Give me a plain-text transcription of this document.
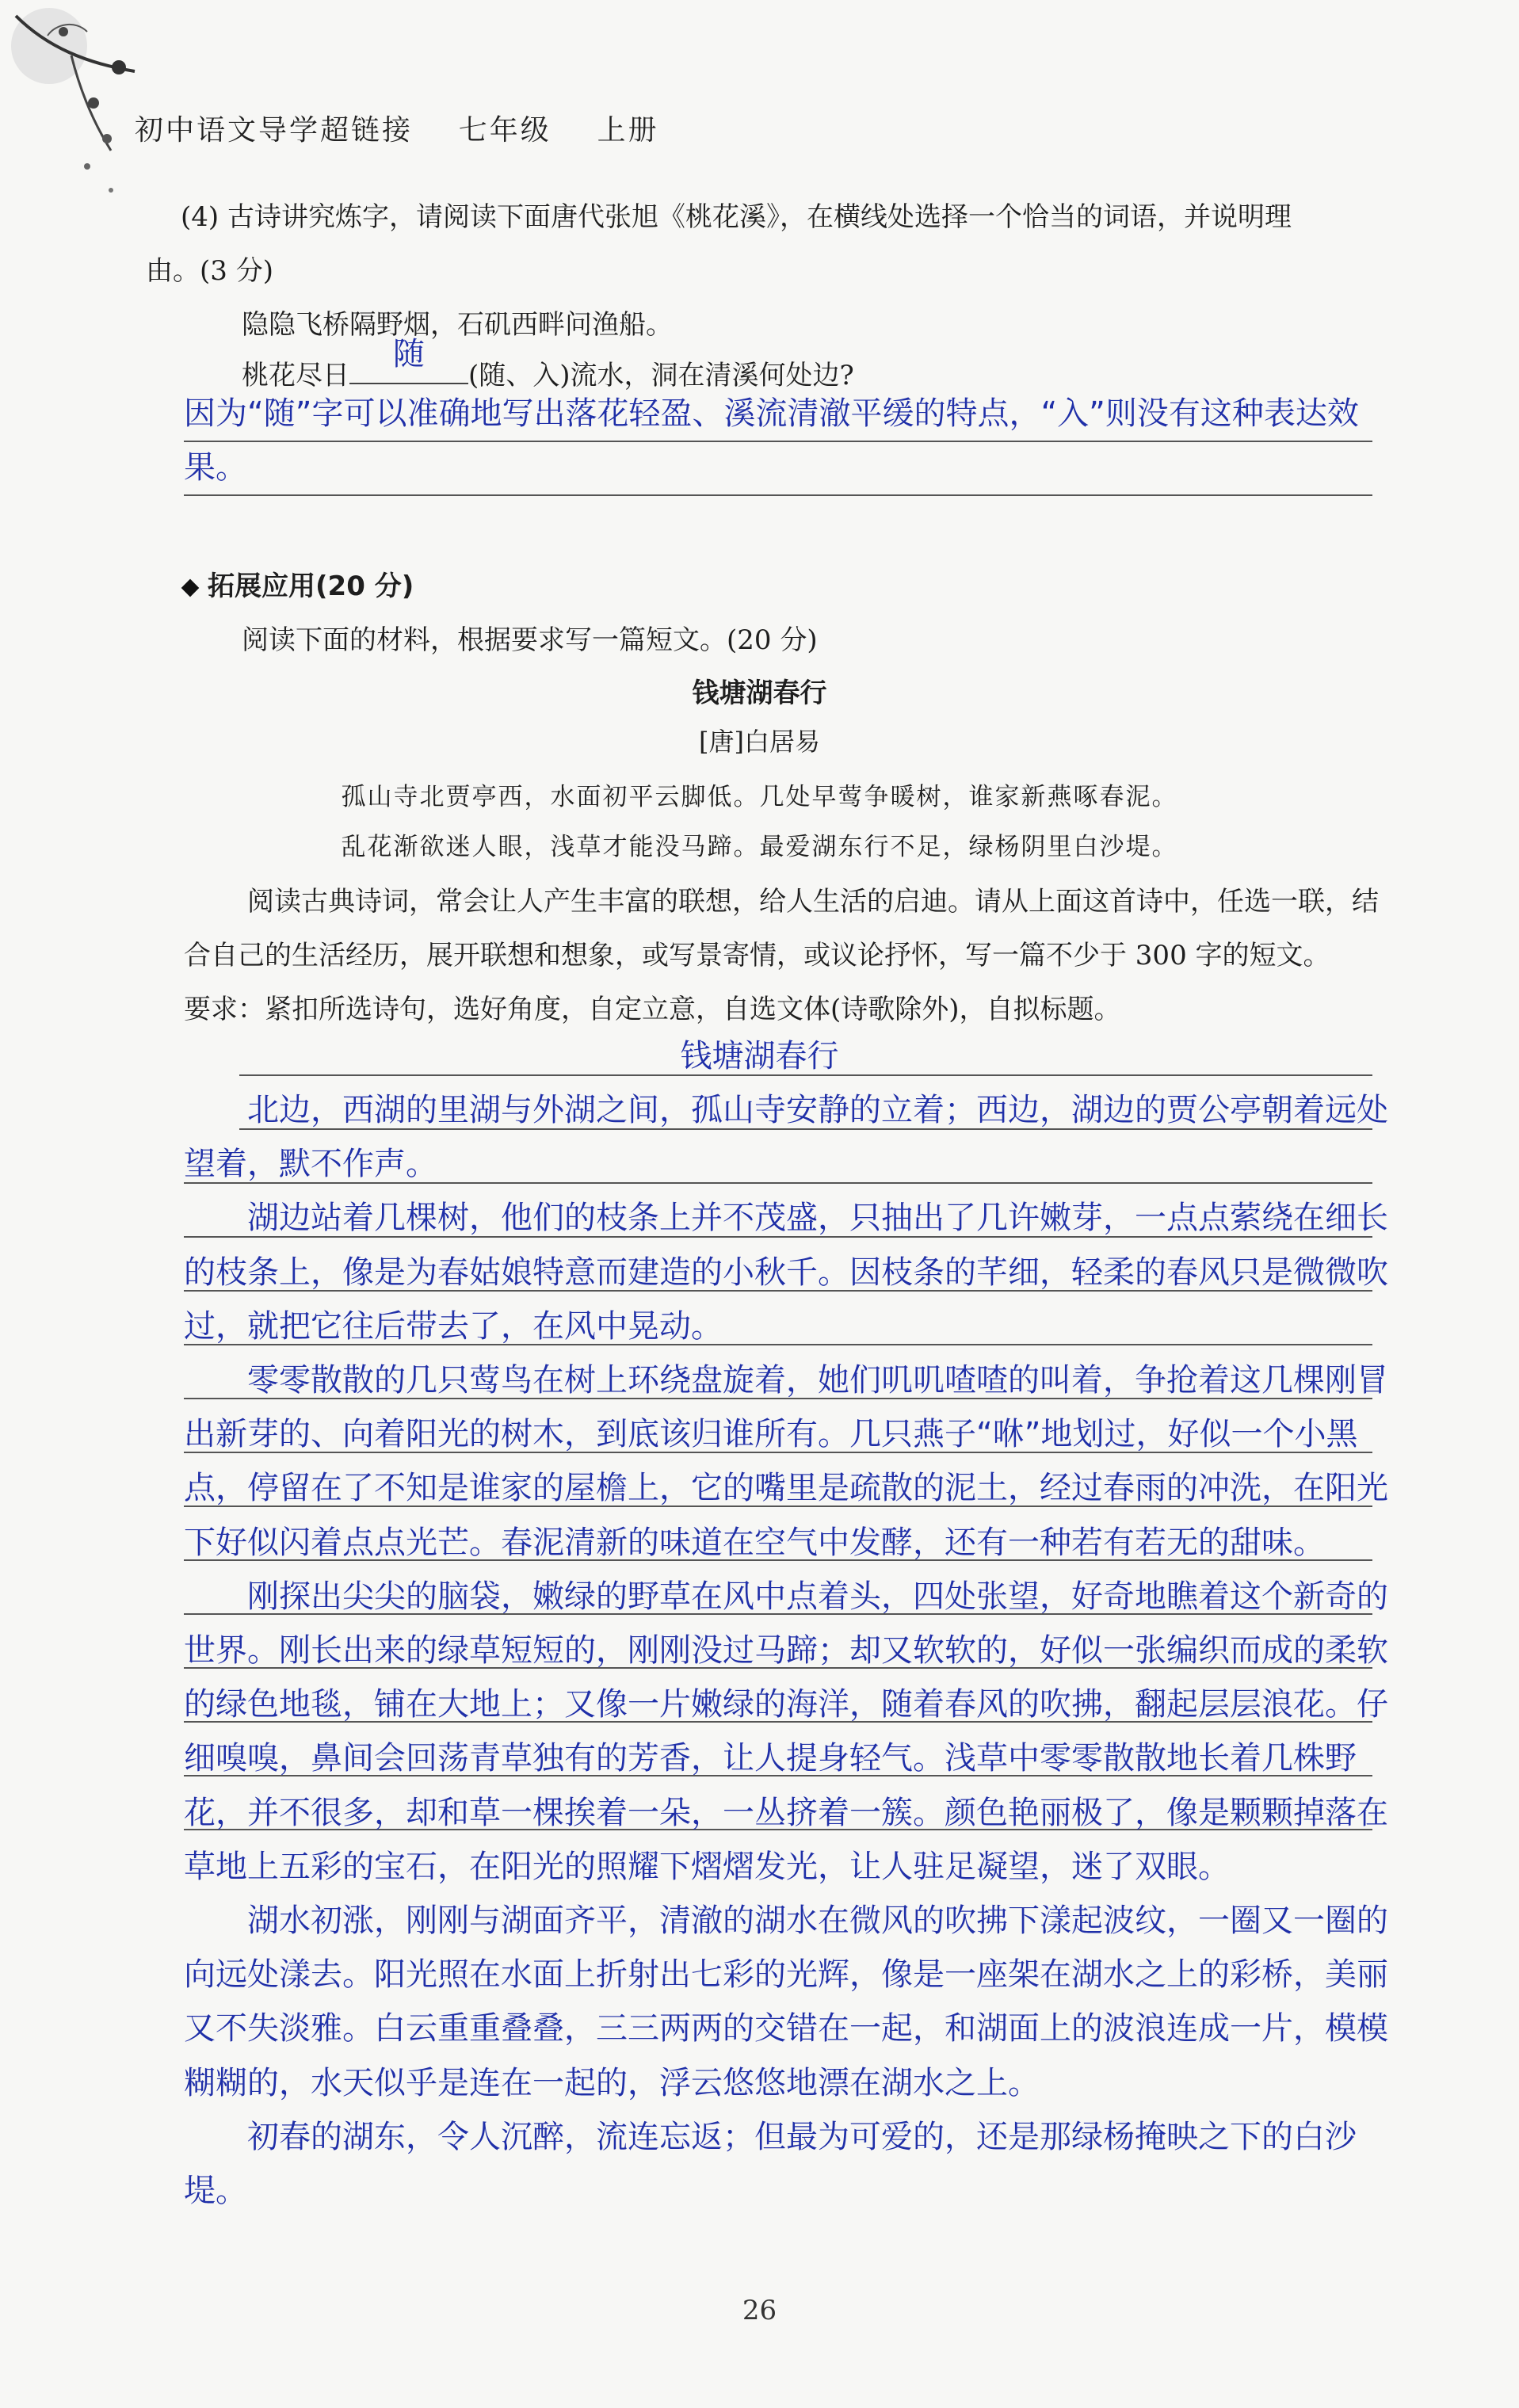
初中语文导学超链接 七年级 上册
(4) 古诗讲究炼字，请阅读下面唐代张旭《桃花溪》，在横线处选择一个恰当的词语，并说明理
由。(3 分)
隐隐飞桥隔野烟，石矶西畔问渔船。
桃花尽日
随
(随、入)流水，洞在清溪何处边?
因为“随”字可以准确地写出落花轻盈、溪流清澈平缓的特点，“入”则没有这种表达效果。
拓展应用(20 分)
阅读下面的材料，根据要求写一篇短文。(20 分)
钱塘湖春行
[唐]白居易
孤山寺北贾亭西，水面初平云脚低。几处早莺争暖树，谁家新燕啄春泥。
乱花渐欲迷人眼，浅草才能没马蹄。最爱湖东行不足，绿杨阴里白沙堤。

阅读古典诗词，常会让人产生丰富的联想，给人生活的启迪。请从上面这首诗中，任选一联，结合自己的生活经历，展开联想和想象，或写景寄情，或议论抒怀，写一篇不少于 300 字的短文。

要求：紧扣所选诗句，选好角度，自定立意，自选文体(诗歌除外)，自拟标题。

钱塘湖春行

北边，西湖的里湖与外湖之间，孤山寺安静的立着；西边，湖边的贾公亭朝着远处望着，默不作声。

湖边站着几棵树，他们的枝条上并不茂盛，只抽出了几许嫩芽，一点点萦绕在细长的枝条上，像是为春姑娘特意而建造的小秋千。因枝条的芊细，轻柔的春风只是微微吹过，就把它往后带去了，在风中晃动。

零零散散的几只莺鸟在树上环绕盘旋着，她们叽叽喳喳的叫着，争抢着这几棵刚冒出新芽的、向着阳光的树木，到底该归谁所有。几只燕子“咻”地划过，好似一个小黑点，停留在了不知是谁家的屋檐上，它的嘴里是疏散的泥土，经过春雨的冲洗，在阳光下好似闪着点点光芒。春泥清新的味道在空气中发酵，还有一种若有若无的甜味。

刚探出尖尖的脑袋，嫩绿的野草在风中点着头，四处张望，好奇地瞧着这个新奇的世界。刚长出来的绿草短短的，刚刚没过马蹄；却又软软的，好似一张编织而成的柔软的绿色地毯，铺在大地上；又像一片嫩绿的海洋，随着春风的吹拂，翻起层层浪花。仔细嗅嗅，鼻间会回荡青草独有的芳香，让人提身轻气。浅草中零零散散地长着几株野花，并不很多，却和草一棵挨着一朵，一丛挤着一簇。颜色艳丽极了，像是颗颗掉落在草地上五彩的宝石，在阳光的照耀下熠熠发光，让人驻足凝望，迷了双眼。

湖水初涨，刚刚与湖面齐平，清澈的湖水在微风的吹拂下漾起波纹，一圈又一圈的向远处漾去。阳光照在水面上折射出七彩的光辉，像是一座架在湖水之上的彩桥，美丽又不失淡雅。白云重重叠叠，三三两两的交错在一起，和湖面上的波浪连成一片，模模糊糊的，水天似乎是连在一起的，浮云悠悠地漂在湖水之上。

初春的湖东，令人沉醉，流连忘返；但最为可爱的，还是那绿杨掩映之下的白沙堤。

26
